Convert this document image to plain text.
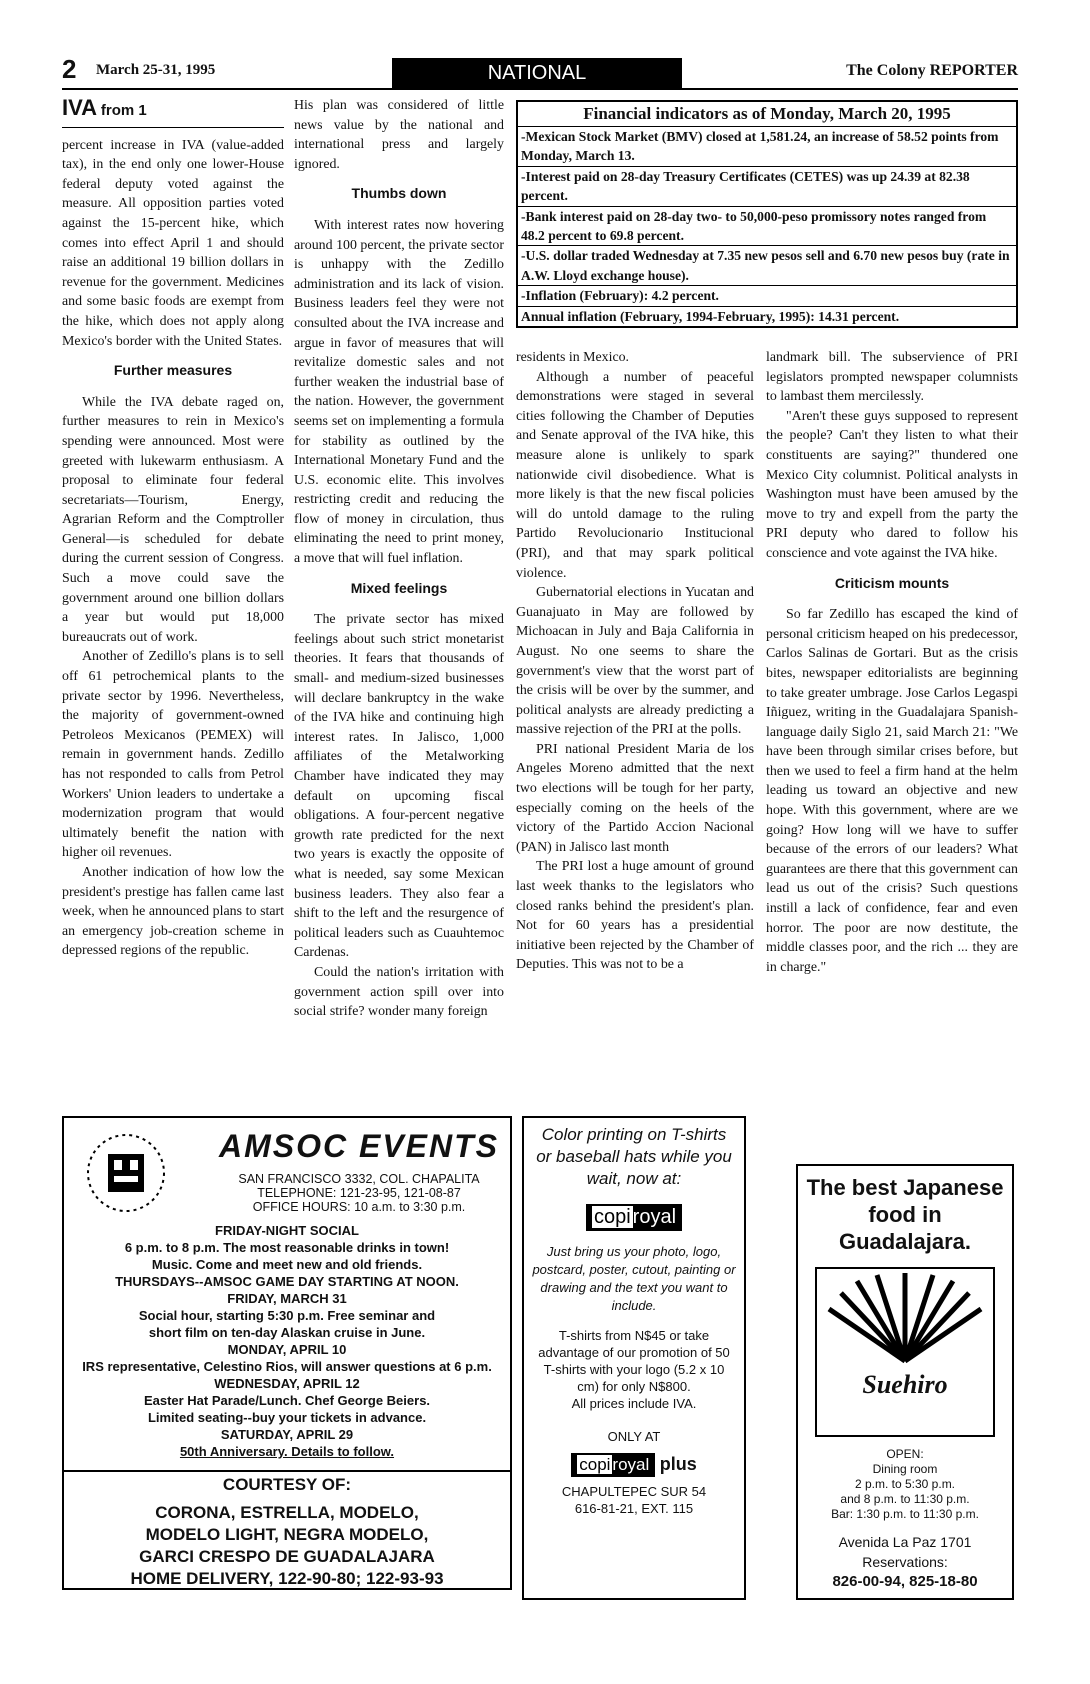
2 March 25-31, 1995	NATIONAL	The Colony REPORTER
IVA from 1

percent increase in IVA (value-added tax), in the end only one lower-House federal deputy voted against the measure. All opposition parties voted against the 15-percent hike, which comes into effect April 1 and should raise an additional 19 billion dollars in revenue for the government. Medicines and some basic foods are exempt from the hike, which does not apply along Mexico's border with the United States.

Further measures

While the IVA debate raged on, further measures to rein in Mexico's spending were announced. Most were greeted with lukewarm enthusiasm. A proposal to eliminate four federal secretariats—Tourism, Energy, Agrarian Reform and the Comptroller General—is scheduled for debate during the current session of Congress. Such a move could save the government around one billion dollars a year but would put 18,000 bureaucrats out of work.

Another of Zedillo's plans is to sell off 61 petrochemical plants to the private sector by 1996. Nevertheless, the majority of government-owned Petroleos Mexicanos (PEMEX) will remain in government hands. Zedillo has not responded to calls from Petrol Workers' Union leaders to undertake a modernization program that would ultimately benefit the nation with higher oil revenues.

Another indication of how low the president's prestige has fallen came last week, when he announced plans to start an emergency job-creation scheme in depressed regions of the republic.

His plan was considered of little news value by the national and international press and largely ignored.

Thumbs down

With interest rates now hovering around 100 percent, the private sector is unhappy with the Zedillo administration and its lack of vision. Business leaders feel they were not consulted about the IVA increase and argue in favor of measures that will revitalize domestic sales and not further weaken the industrial base of the nation. However, the government seems set on implementing a formula for stability as outlined by the International Monetary Fund and the U.S. economic elite. This involves restricting credit and reducing the flow of money in circulation, thus eliminating the need to print money, a move that will fuel inflation.

Mixed feelings

The private sector has mixed feelings about such strict monetarist theories. It fears that thousands of small- and medium-sized businesses will declare bankruptcy in the wake of the IVA hike and continuing high interest rates. In Jalisco, 1,000 affiliates of the Metalworking Chamber have indicated they may default on upcoming fiscal obligations. A four-percent negative growth rate predicted for the next two years is exactly the opposite of what is needed, say some Mexican business leaders. They also fear a shift to the left and the resurgence of political leaders such as Cuauhtemoc Cardenas.

Could the nation's irritation with government action spill over into social strife? wonder many foreign

Financial indicators as of Monday, March 20, 1995
-Mexican Stock Market (BMV) closed at 1,581.24, an increase of 58.52 points from Monday, March 13.
-Interest paid on 28-day Treasury Certificates (CETES) was up 24.39 at 82.38 percent.
-Bank interest paid on 28-day two- to 50,000-peso promissory notes ranged from 48.2 percent to 69.8 percent.
-U.S. dollar traded Wednesday at 7.35 new pesos sell and 6.70 new pesos buy (rate in A.W. Lloyd exchange house).
-Inflation (February): 4.2 percent.
Annual inflation (February, 1994-February, 1995): 14.31 percent.

residents in Mexico.

Although a number of peaceful demonstrations were staged in several cities following the Chamber of Deputies and Senate approval of the IVA hike, this measure alone is unlikely to spark nationwide civil disobedience. What is more likely is that the new fiscal policies will do untold damage to the ruling Partido Revolucionario Institucional (PRI), and that may spark political violence.

Gubernatorial elections in Yucatan and Guanajuato in May are followed by Michoacan in July and Baja California in August. No one seems to share the government's view that the worst part of the crisis will be over by the summer, and political analysts are already predicting a massive rejection of the PRI at the polls.

PRI national President Maria de los Angeles Moreno admitted that the next two elections will be tough for her party, especially coming on the heels of the victory of the Partido Accion Nacional (PAN) in Jalisco last month

The PRI lost a huge amount of ground last week thanks to the legislators who closed ranks behind the president's plan. Not for 60 years has a presidential initiative been rejected by the Chamber of Deputies. This was not to be a

landmark bill. The subservience of PRI legislators prompted newspaper columnists to lambast them mercilessly.

"Aren't these guys supposed to represent the people? Can't they listen to what their constituents are saying?" thundered one Mexico City columnist. Political analysts in Washington must have been amused by the move to try and expell from the party the PRI deputy who dared to follow his conscience and vote against the IVA hike.

Criticism mounts

So far Zedillo has escaped the kind of personal criticism heaped on his predecessor, Carlos Salinas de Gortari. But as the crisis bites, newspaper editorialists are beginning to take greater umbrage. Jose Carlos Legaspi Iñiguez, writing in the Guadalajara Spanish-language daily Siglo 21, said March 21: "We have been through similar crises before, but then we used to feel a firm hand at the helm leading us toward an objective and new hope. With this government, where are we going? How long will we have to suffer because of the errors of our leaders? What guarantees are there that this government can lead us out of the crisis? Such questions instill a lack of confidence, fear and even horror. The poor are now destitute, the middle classes poor, and the rich ... they are in charge."

AMSOC EVENTS
SAN FRANCISCO 3332, COL. CHAPALITA
TELEPHONE: 121-23-95, 121-08-87
OFFICE HOURS: 10 a.m. to 3:30 p.m.
FRIDAY-NIGHT SOCIAL
6 p.m. to 8 p.m. The most reasonable drinks in town!
Music. Come and meet new and old friends.
THURSDAYS--AMSOC GAME DAY STARTING AT NOON.
FRIDAY, MARCH 31
Social hour, starting 5:30 p.m. Free seminar and
short film on ten-day Alaskan cruise in June.
MONDAY, APRIL 10
IRS representative, Celestino Rios, will answer questions at 6 p.m.
WEDNESDAY, APRIL 12
Easter Hat Parade/Lunch. Chef George Beiers.
Limited seating--buy your tickets in advance.
SATURDAY, APRIL 29
50th Anniversary. Details to follow.
COURTESY OF:
CORONA, ESTRELLA, MODELO,
MODELO LIGHT, NEGRA MODELO,
GARCI CRESPO DE GUADALAJARA
HOME DELIVERY, 122-90-80; 122-93-93
Color printing on T-shirts or baseball hats while you wait, now at:
copi royal
Just bring us your photo, logo, postcard, poster, cutout, painting or drawing and the text you want to include.
T-shirts from N$45 or take advantage of our promotion of 50 T-shirts with your logo (5.2 x 10 cm) for only N$800.
All prices include IVA.
ONLY AT
copi royal plus
CHAPULTEPEC SUR 54
616-81-21, EXT. 115
The best Japanese food in Guadalajara.
Suehiro
OPEN:
Dining room
2 p.m. to 5:30 p.m.
and 8 p.m. to 11:30 p.m.
Bar: 1:30 p.m. to 11:30 p.m.
Avenida La Paz 1701
Reservations:
826-00-94, 825-18-80
